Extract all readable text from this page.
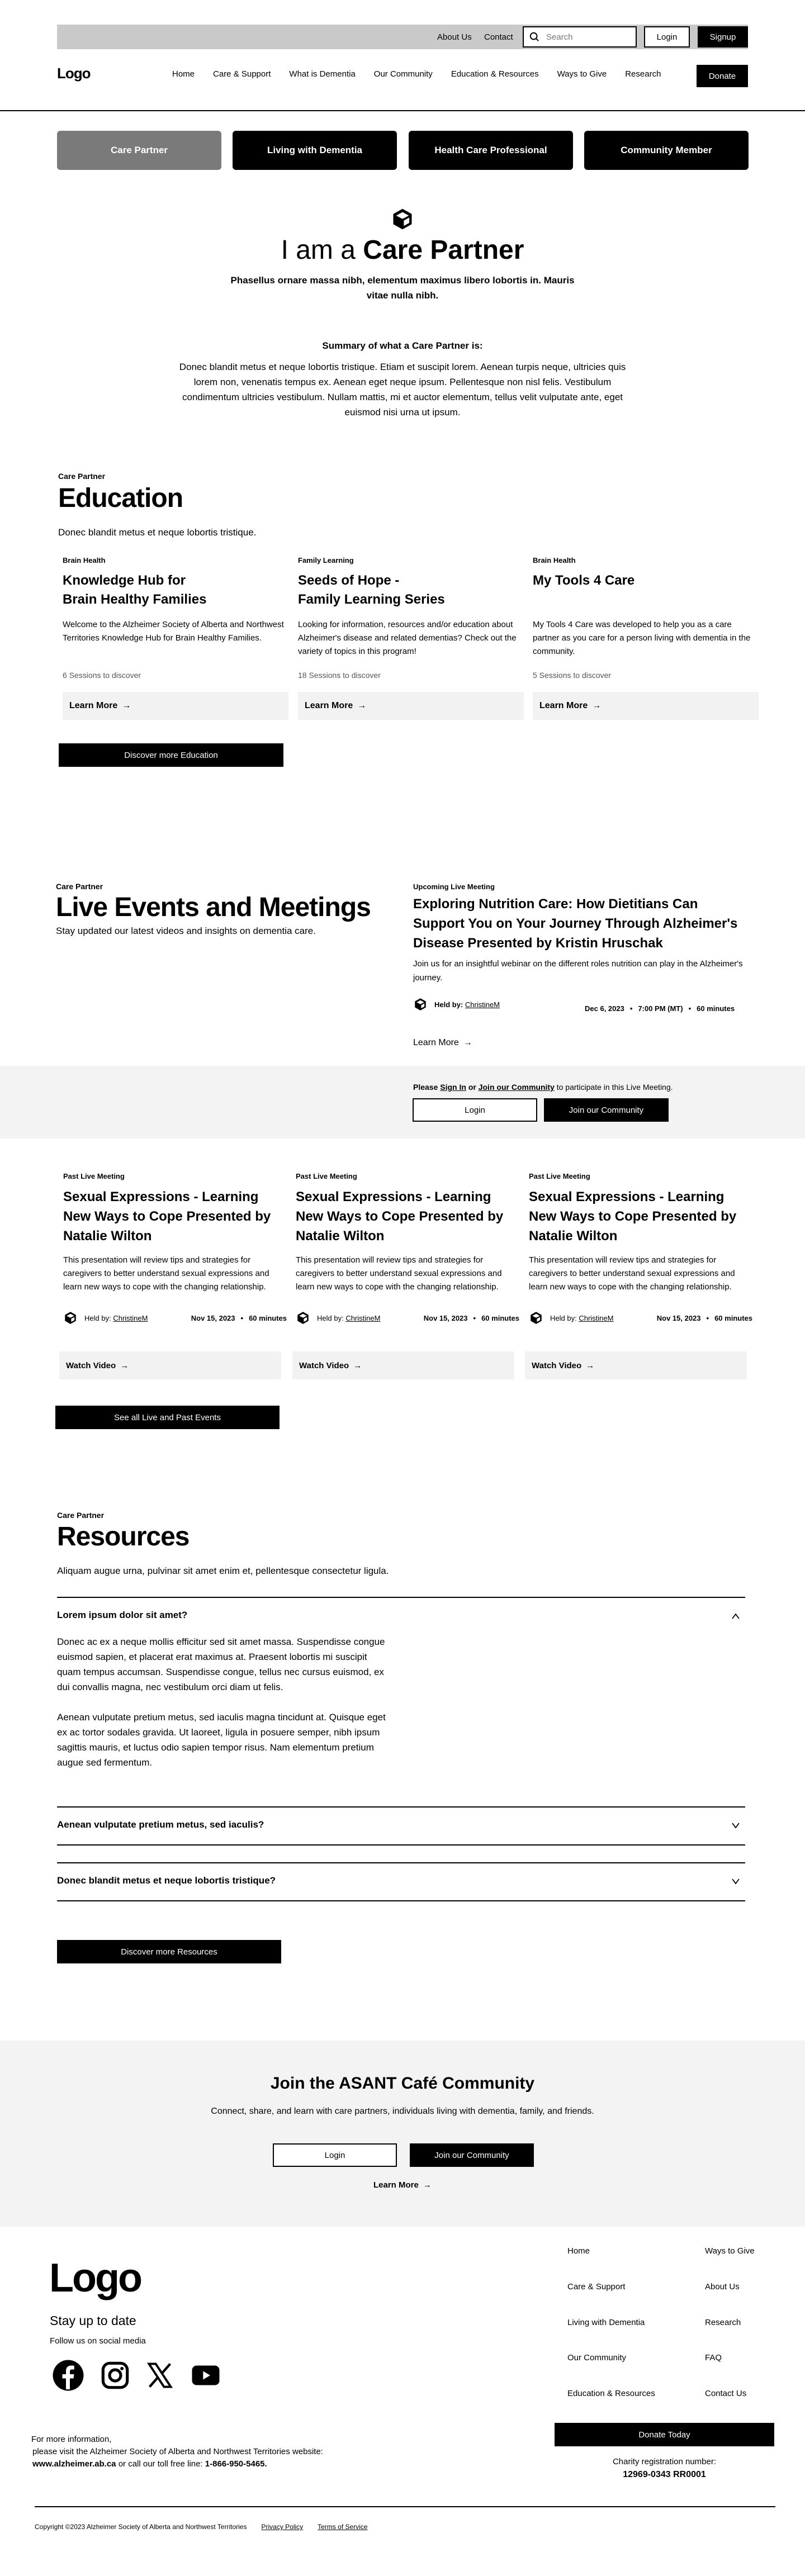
About Us Contact
Search	Login	Signup
Logo	Home Care & Support What is Dementia Our Community Education & Resources Ways to Give Research	Donate
Care Partner	Living with Dementia	Health Care Professional	Community Member
I am a Care Partner
Phasellus ornare massa nibh, elementum maximus libero lobortis in. Mauris vitae nulla nibh.
Summary of what a Care Partner is:
Donec blandit metus et neque lobortis tristique. Etiam et suscipit lorem. Aenean turpis neque, ultricies quis lorem non, venenatis tempus ex. Aenean eget neque ipsum. Pellentesque non nisl felis. Vestibulum condimentum ultricies vestibulum. Nullam mattis, mi et auctor elementum, tellus velit vulputate ante, eget euismod nisi urna ut ipsum.
Care Partner
Education
Donec blandit metus et neque lobortis tristique.
Brain Health
Knowledge Hub for
Brain Healthy Families

Welcome to the Alzheimer Society of Alberta and Northwest Territories Knowledge Hub for Brain Healthy Families.

6 Sessions to discover
Learn More →
Family Learning
Seeds of Hope -
Family Learning Series

Looking for information, resources and/or education about Alzheimer's disease and related dementias? Check out the variety of topics in this program!

18 Sessions to discover
Learn More →
Brain Health
My Tools 4 Care

My Tools 4 Care was developed to help you as a care partner as you care for a person living with dementia in the community.

5 Sessions to discover
Learn More →
Discover more Education
Care Partner
Live Events and Meetings
Stay updated our latest videos and insights on dementia care.
Upcoming Live Meeting
Exploring Nutrition Care: How Dietitians Can Support You on Your Journey Through Alzheimer's Disease Presented by Kristin Hruschak
Join us for an insightful webinar on the different roles nutrition can play in the Alzheimer's journey.
Held by:
ChristineM	Dec 6, 2023 • 7:00 PM (MT) • 60 minutes
Learn More →
Please Sign In or Join our Community to participate in this Live Meeting.
Login	Join our Community
Past Live Meeting
Sexual Expressions - Learning New Ways to Cope Presented by Natalie Wilton

This presentation will review tips and strategies for caregivers to better understand sexual expressions and learn new ways to cope with the changing relationship.

Held by:
ChristineM	Nov 15, 2023 • 60 minutes
Past Live Meeting
Sexual Expressions - Learning New Ways to Cope Presented by Natalie Wilton

This presentation will review tips and strategies for caregivers to better understand sexual expressions and learn new ways to cope with the changing relationship.

Held by:
ChristineM	Nov 15, 2023 • 60 minutes
Past Live Meeting
Sexual Expressions - Learning New Ways to Cope Presented by Natalie Wilton

This presentation will review tips and strategies for caregivers to better understand sexual expressions and learn new ways to cope with the changing relationship.

Held by:
ChristineM	Nov 15, 2023 • 60 minutes
Watch Video →	Watch Video →	Watch Video →
See all Live and Past Events
Care Partner
Resources
Aliquam augue urna, pulvinar sit amet enim et, pellentesque consectetur ligula.
Lorem ipsum dolor sit amet?
Donec ac ex a neque mollis efficitur sed sit amet massa. Suspendisse congue euismod sapien, et placerat erat maximus at. Praesent lobortis mi suscipit quam tempus accumsan. Suspendisse congue, tellus nec cursus euismod, ex dui convallis magna, nec vestibulum orci diam ut felis.
Aenean vulputate pretium metus, sed iaculis magna tincidunt at. Quisque eget ex ac tortor sodales gravida. Ut laoreet, ligula in posuere semper, nibh ipsum sagittis mauris, et luctus odio sapien tempor risus. Nam elementum pretium augue sed fermentum.
Aenean vulputate pretium metus, sed iaculis?
Donec blandit metus et neque lobortis tristique?
Discover more Resources
Join the ASANT Café Community
Connect, share, and learn with care partners, individuals living with dementia, family, and friends.
Login	Join our Community
Learn More →
Logo
Stay up to date
Follow us on social media
Home
Care & Support
Living with Dementia
Our Community
Education & Resources
Ways to Give
About Us
Research
FAQ
Contact Us
For more information,
please visit the Alzheimer Society of Alberta and Northwest Territories website:
www.alzheimer.ab.ca or call our toll free line: 1-866-950-5465.
Donate Today
Charity registration number:
12969-0343 RR0001
Copyright ©2023 Alzheimer Society of Alberta and Northwest Territories Privacy Policy Terms of Service
